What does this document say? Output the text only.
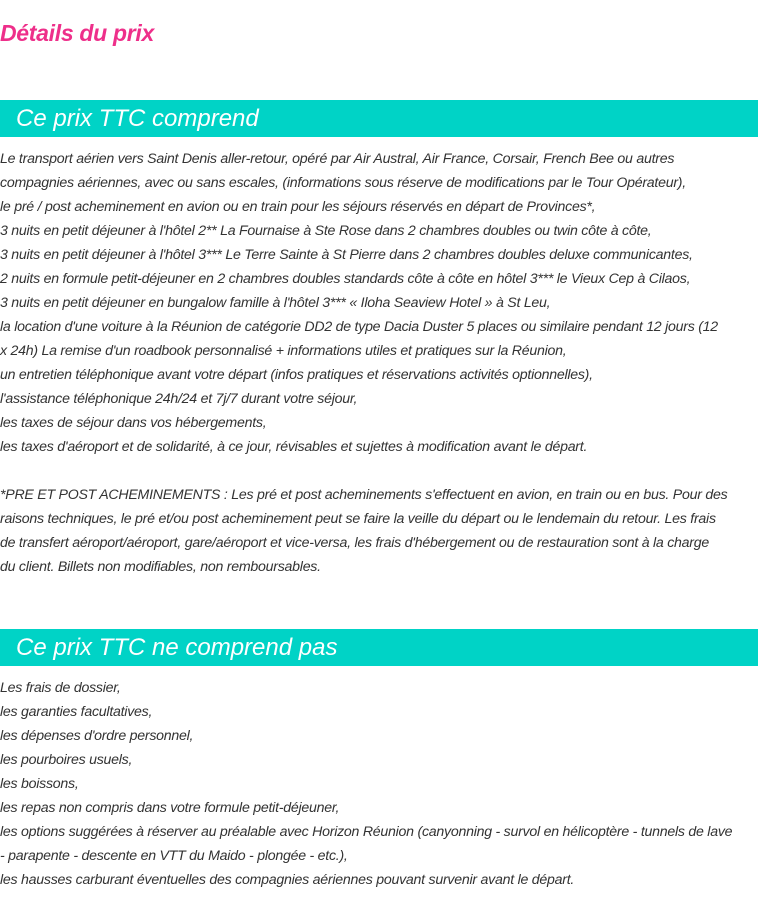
Détails du prix
Ce prix TTC comprend
Le transport aérien vers Saint Denis aller-retour, opéré par Air Austral, Air France, Corsair, French Bee ou autres
compagnies aériennes, avec ou sans escales, (informations sous réserve de modifications par le Tour Opérateur),
le pré / post acheminement en avion ou en train pour les séjours réservés en départ de Provinces*,
3 nuits en petit déjeuner à l'hôtel 2** La Fournaise à Ste Rose dans 2 chambres doubles ou twin côte à côte,
3 nuits en petit déjeuner à l'hôtel 3*** Le Terre Sainte à St Pierre dans 2 chambres doubles deluxe communicantes,
2 nuits en formule petit-déjeuner en 2 chambres doubles standards côte à côte en hôtel 3*** le Vieux Cep à Cilaos,
3 nuits en petit déjeuner en bungalow famille à l'hôtel 3*** « Iloha Seaview Hotel » à St Leu,
la location d'une voiture à la Réunion de catégorie DD2 de type Dacia Duster 5 places ou similaire pendant 12 jours (12
x 24h) La remise d'un roadbook personnalisé + informations utiles et pratiques sur la Réunion,
un entretien téléphonique avant votre départ (infos pratiques et réservations activités optionnelles),
l'assistance téléphonique 24h/24 et 7j/7 durant votre séjour,
les taxes de séjour dans vos hébergements,
les taxes d'aéroport et de solidarité, à ce jour, révisables et sujettes à modification avant le départ.
*PRE ET POST ACHEMINEMENTS : Les pré et post acheminements s'effectuent en avion, en train ou en bus. Pour des
raisons techniques, le pré et/ou post acheminement peut se faire la veille du départ ou le lendemain du retour. Les frais
de transfert aéroport/aéroport, gare/aéroport et vice-versa, les frais d'hébergement ou de restauration sont à la charge
du client. Billets non modifiables, non remboursables.
Ce prix TTC ne comprend pas
Les frais de dossier,
les garanties facultatives,
les dépenses d'ordre personnel,
les pourboires usuels,
les boissons,
les repas non compris dans votre formule petit-déjeuner,
les options suggérées à réserver au préalable avec Horizon Réunion (canyonning - survol en hélicoptère - tunnels de lave
- parapente - descente en VTT du Maido - plongée - etc.),
les hausses carburant éventuelles des compagnies aériennes pouvant survenir avant le départ.
